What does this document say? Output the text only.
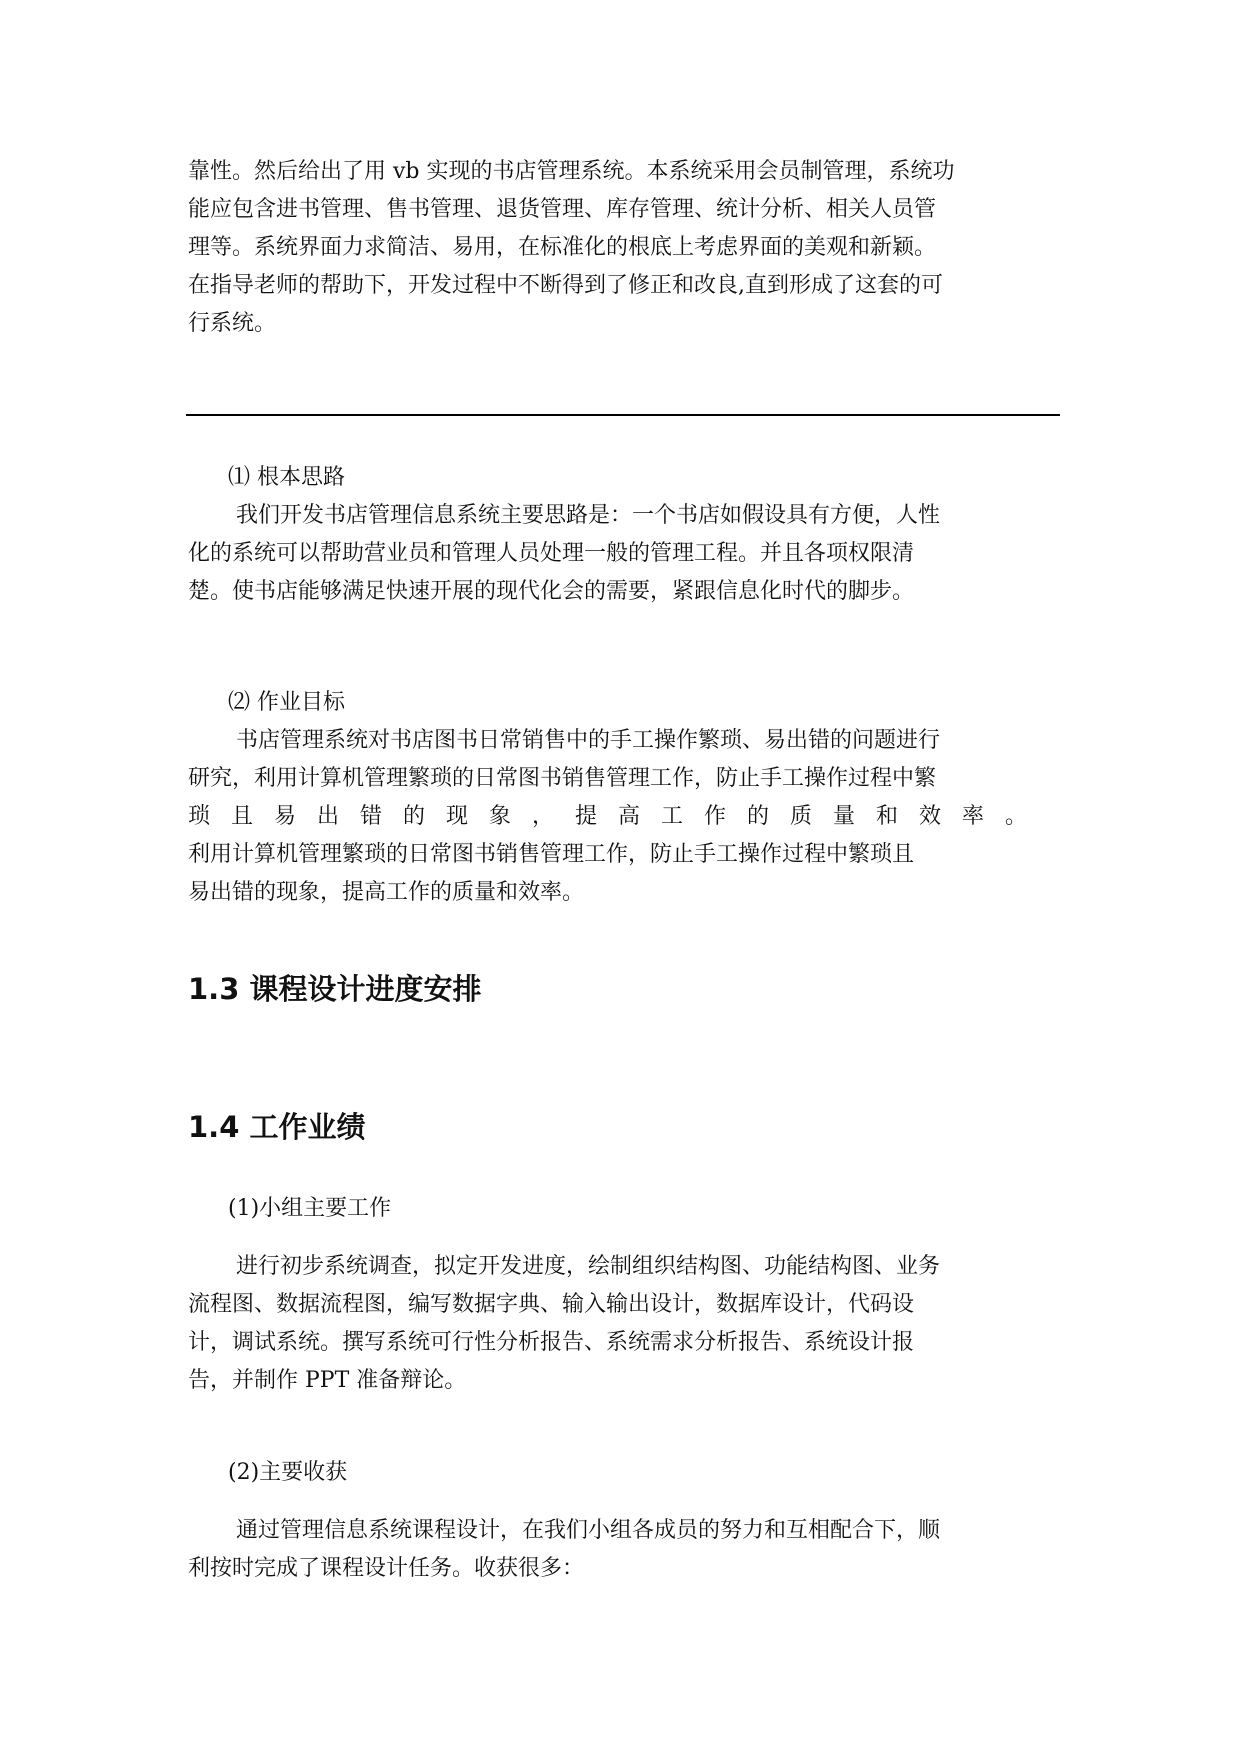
靠性。然后给出了用 vb 实现的书店管理系统。本系统采用会员制管理，系统功
能应包含进书管理、售书管理、退货管理、库存管理、统计分析、相关人员管
理等。系统界面力求简洁、易用，在标准化的根底上考虑界面的美观和新颖。
在指导老师的帮助下，开发过程中不断得到了修正和改良,直到形成了这套的可
行系统。

⑴ 根本思路

我们开发书店管理信息系统主要思路是：一个书店如假设具有方便，人性
化的系统可以帮助营业员和管理人员处理一般的管理工程。并且各项权限清
楚。使书店能够满足快速开展的现代化会的需要，紧跟信息化时代的脚步。

⑵ 作业目标

书店管理系统对书店图书日常销售中的手工操作繁琐、易出错的问题进行
研究，利用计算机管理繁琐的日常图书销售管理工作，防止手工操作过程中繁
琐且易出错的现象，提高工作的质量和效率。
利用计算机管理繁琐的日常图书销售管理工作，防止手工操作过程中繁琐且
易出错的现象，提高工作的质量和效率。

1.3 课程设计进度安排

1.4 工作业绩

(1)小组主要工作

进行初步系统调查，拟定开发进度，绘制组织结构图、功能结构图、业务
流程图、数据流程图，编写数据字典、输入输出设计，数据库设计，代码设
计，调试系统。撰写系统可行性分析报告、系统需求分析报告、系统设计报
告，并制作 PPT 准备辩论。

(2)主要收获

通过管理信息系统课程设计，在我们小组各成员的努力和互相配合下，顺
利按时完成了课程设计任务。收获很多：
